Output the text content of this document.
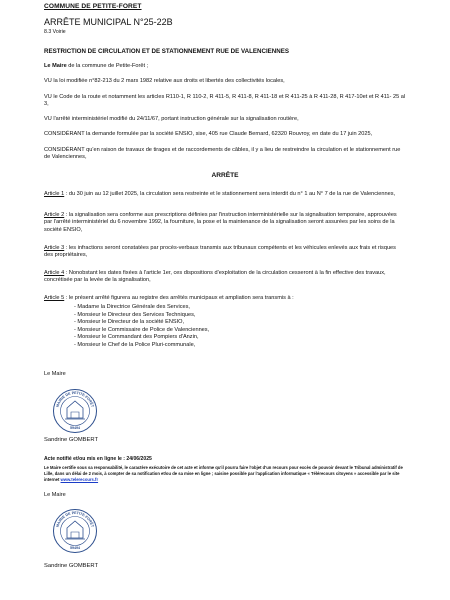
COMMUNE DE PETITE-FORET
ARRÊTE MUNICIPAL N°25-22B
8.3 Voirie
RESTRICTION DE CIRCULATION ET DE STATIONNEMENT RUE DE VALENCIENNES

Le Maire de la commune de Petite-Forêt ;

VU la loi modifiée n°82-213 du 2 mars 1982 relative aux droits et libertés des collectivités locales,

VU le Code de la route et notamment les articles R110-1, R 110-2, R 411-5, R 411-8, R 411-18 et R 411-25 à R 411-28, R 417-10et et R 411- 25 al 3,

VU l'arrêté interministériel modifié du 24/11/67, portant instruction générale sur la signalisation routière,

CONSIDÉRANT la demande formulée par la société ENSIO, sise, 405 rue Claude Bernard, 62320 Rouvroy, en date du 17 juin 2025,

CONSIDÉRANT qu'en raison de travaux de tirages et de raccordements de câbles, il y a lieu de restreindre la circulation et le stationnement rue de Valenciennes,

ARRÊTE

Article 1 : du 30 juin au 12 juillet 2025, la circulation sera restreinte et le stationnement sera interdit du n° 1 au N° 7 de la rue de Valenciennes,

Article 2 : la signalisation sera conforme aux prescriptions définies par l'instruction interministérielle sur la signalisation temporaire, approuvées par l'arrêté interministériel du 6 novembre 1992, la fourniture, la pose et la maintenance de la signalisation seront assurées par les soins de la société ENSIO,

Article 3 : les infractions seront constatées par procès-verbaux transmis aux tribunaux compétents et les véhicules enlevés aux frais et risques des propriétaires,

Article 4 : Nonobstant les dates fixées à l'article 1er, ces dispositions d'exploitation de la circulation cesseront à la fin effective des travaux, concrétisée par la levée de la signalisation,

Article 5 : le présent arrêté figurera au registre des arrêtés municipaux et ampliation sera transmis à :

- Madame la Directrice Générale des Services,
- Monsieur le Directeur des Services Techniques,
- Monsieur le Directeur de la société ENSIO,
- Monsieur le Commissaire de Police de Valenciennes,
- Monsieur le Commandant des Pompiers d'Anzin,
- Monsieur le Chef de la Police Pluri-communale,
Le Maire
MAIRIE DE PETITE-FORÊT
59494
Sandrine GOMBERT
Acte notifié et/ou mis en ligne le : 24/06/2025

Le Maire certifie sous sa responsabilité, le caractère exécutoire de cet acte et informe qu'il pourra faire l'objet d'un recours pour excès de pouvoir devant le Tribunal administratif de Lille, dans un délai de 2 mois, à compter de sa notification et/ou de sa mise en ligne ; saisine possible par l'application informatique « Télérecours citoyens » accessible par le site internet www.telerecours.fr

Le Maire
MAIRIE DE PETITE-FORÊT
59494
Sandrine GOMBERT
